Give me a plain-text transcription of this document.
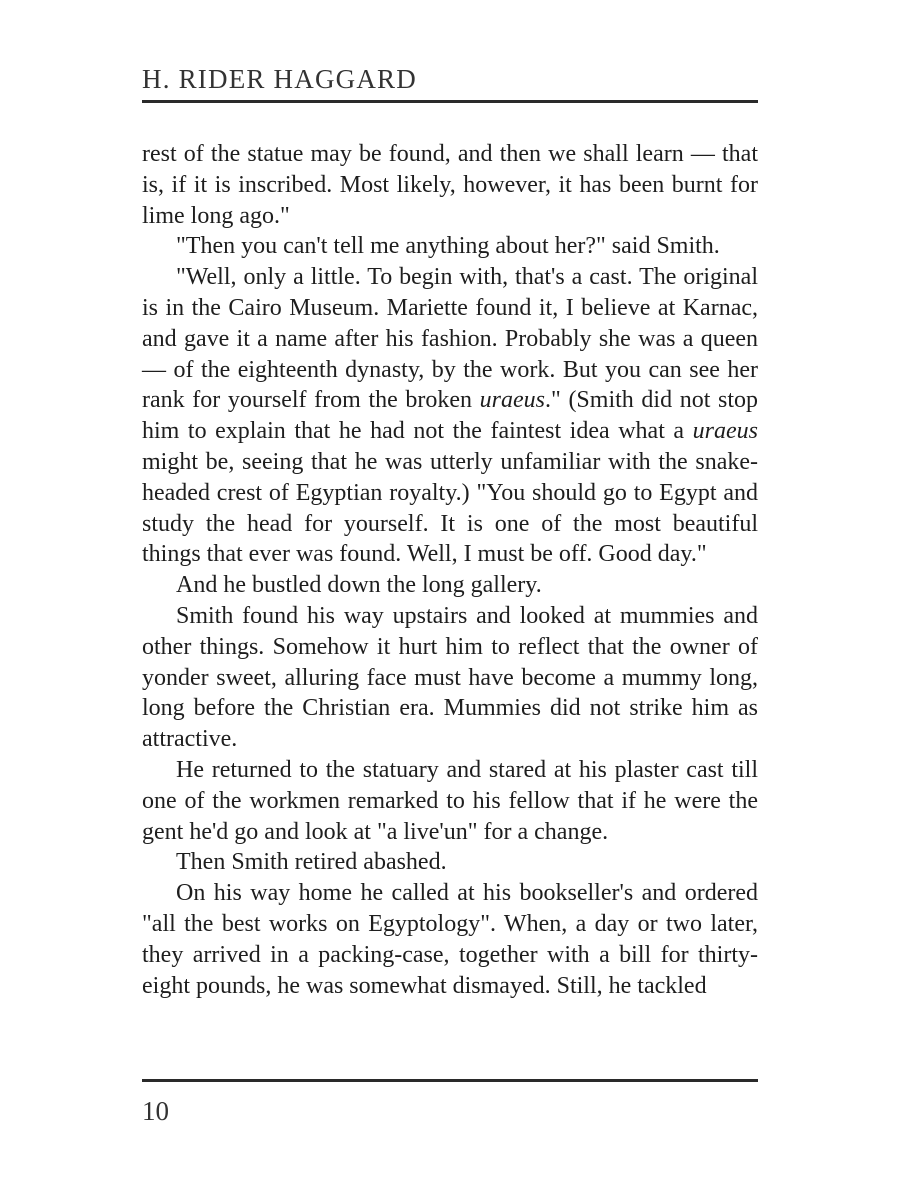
H. RIDER HAGGARD

rest of the statue may be found, and then we shall learn — that is, if it is inscribed. Most likely, however, it has been burnt for lime long ago."

"Then you can't tell me anything about her?" said Smith.

"Well, only a little. To begin with, that's a cast. The original is in the Cairo Museum. Mariette found it, I believe at Karnac, and gave it a name after his fashion. Probably she was a queen — of the eighteenth dynasty, by the work. But you can see her rank for yourself from the broken uraeus." (Smith did not stop him to explain that he had not the faintest idea what a uraeus might be, seeing that he was utterly unfamiliar with the snake-headed crest of Egyptian royalty.) "You should go to Egypt and study the head for yourself. It is one of the most beautiful things that ever was found. Well, I must be off. Good day."

And he bustled down the long gallery.

Smith found his way upstairs and looked at mummies and other things. Somehow it hurt him to reflect that the owner of yonder sweet, alluring face must have become a mummy long, long before the Christian era. Mummies did not strike him as attractive.

He returned to the statuary and stared at his plaster cast till one of the workmen remarked to his fellow that if he were the gent he'd go and look at "a live'un" for a change.

Then Smith retired abashed.

On his way home he called at his bookseller's and ordered "all the best works on Egyptology". When, a day or two later, they arrived in a packing-case, together with a bill for thirty-eight pounds, he was somewhat dismayed. Still, he tackled

10
